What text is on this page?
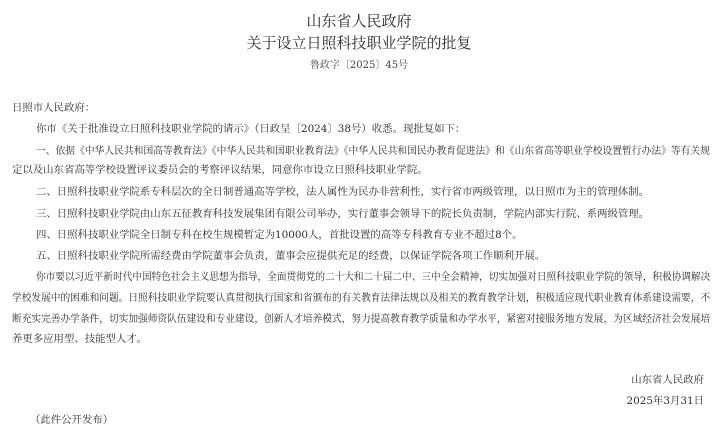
山东省人民政府
关于设立日照科技职业学院的批复
鲁政字〔2025〕45号
日照市人民政府：
你市《关于批准设立日照科技职业学院的请示》（日政呈〔2024〕38号）收悉。现批复如下：
一、依据《中华人民共和国高等教育法》《中华人民共和国职业教育法》《中华人民共和国民办教育促进法》和《山东省高等职业学校设置暂行办法》等有关规
定以及山东省高等学校设置评议委员会的考察评议结果，同意你市设立日照科技职业学院。
二、日照科技职业学院系专科层次的全日制普通高等学校，法人属性为民办非营利性，实行省市两级管理，以日照市为主的管理体制。
三、日照科技职业学院由山东五征教育科技发展集团有限公司举办，实行董事会领导下的院长负责制，学院内部实行院、系两级管理。
四、日照科技职业学院全日制专科在校生规模暂定为10000人，首批设置的高等专科教育专业不超过8个。
五、日照科技职业学院所需经费由学院董事会负责，董事会应提供充足的经费，以保证学院各项工作顺利开展。
你市要以习近平新时代中国特色社会主义思想为指导，全面贯彻党的二十大和二十届二中、三中全会精神，切实加强对日照科技职业学院的领导，积极协调解决
学校发展中的困难和问题。日照科技职业学院要认真贯彻执行国家和省颁布的有关教育法律法规以及相关的教育教学计划，积极适应现代职业教育体系建设需要，不
断充实完善办学条件，切实加强师资队伍建设和专业建设，创新人才培养模式，努力提高教育教学质量和办学水平，紧密对接服务地方发展，为区域经济社会发展培
养更多应用型、技能型人才。
山东省人民政府
2025年3月31日
（此件公开发布）
